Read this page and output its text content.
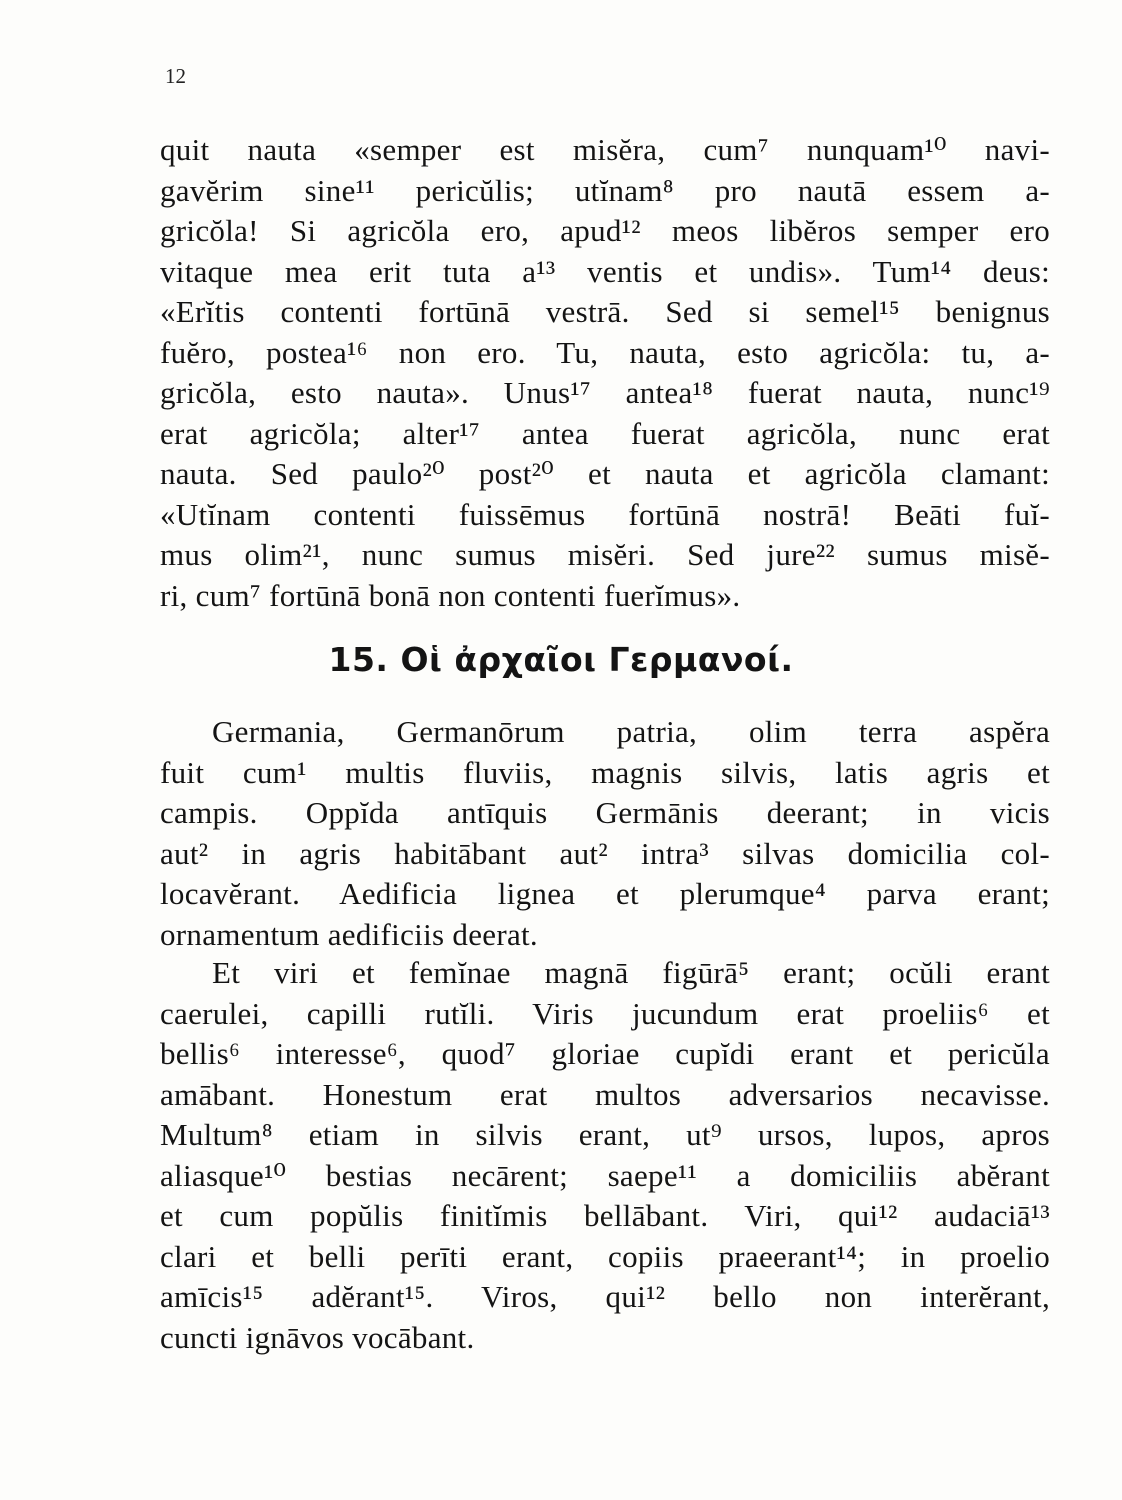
12
quit nauta «semper est misĕra, cum⁷ nunquam¹⁰ navi-
gavĕrim sine¹¹ pericŭlis; utĭnam⁸ pro nautā essem a-
gricŏla! Si agricŏla ero, apud¹² meos libĕros semper ero
vitaque mea erit tuta a¹³ ventis et undis». Tum¹⁴ deus:
«Erĭtis contenti fortūnā vestrā. Sed si semel¹⁵ benignus
fuĕro, postea¹⁶ non ero. Tu, nauta, esto agricŏla: tu, a-
gricŏla, esto nauta». Unus¹⁷ antea¹⁸ fuerat nauta, nunc¹⁹
erat agricŏla; alter¹⁷ antea fuerat agricŏla, nunc erat
nauta. Sed paulo²⁰ post²⁰ et nauta et agricŏla clamant:
«Utĭnam contenti fuissēmus fortūnā nostrā! Beāti fuĭ-
mus olim²¹, nunc sumus misĕri. Sed jure²² sumus misĕ-
ri, cum⁷ fortūnā bonā non contenti fuerĭmus».
15. Οἱ ἀρχαῖοι Γερμανοί.
Germania, Germanōrum patria, olim terra aspĕra
fuit cum¹ multis fluviis, magnis silvis, latis agris et
campis. Oppĭda antīquis Germānis deerant; in vicis
aut² in agris habitābant aut² intra³ silvas domicilia col-
locavĕrant. Aedificia lignea et plerumque⁴ parva erant;
ornamentum aedificiis deerat.
Et viri et femĭnae magnā figūrā⁵ erant; ocŭli erant
caerulei, capilli rutĭli. Viris jucundum erat proeliis⁶ et
bellis⁶ interesse⁶, quod⁷ gloriae cupĭdi erant et pericŭla
amābant. Honestum erat multos adversarios necavisse.
Multum⁸ etiam in silvis erant, ut⁹ ursos, lupos, apros
aliasque¹⁰ bestias necārent; saepe¹¹ a domiciliis abĕrant
et cum popŭlis finitĭmis bellābant. Viri, qui¹² audaciā¹³
clari et belli perīti erant, copiis praeerant¹⁴; in proelio
amīcis¹⁵ adĕrant¹⁵. Viros, qui¹² bello non interĕrant,
cuncti ignāvos vocābant.
